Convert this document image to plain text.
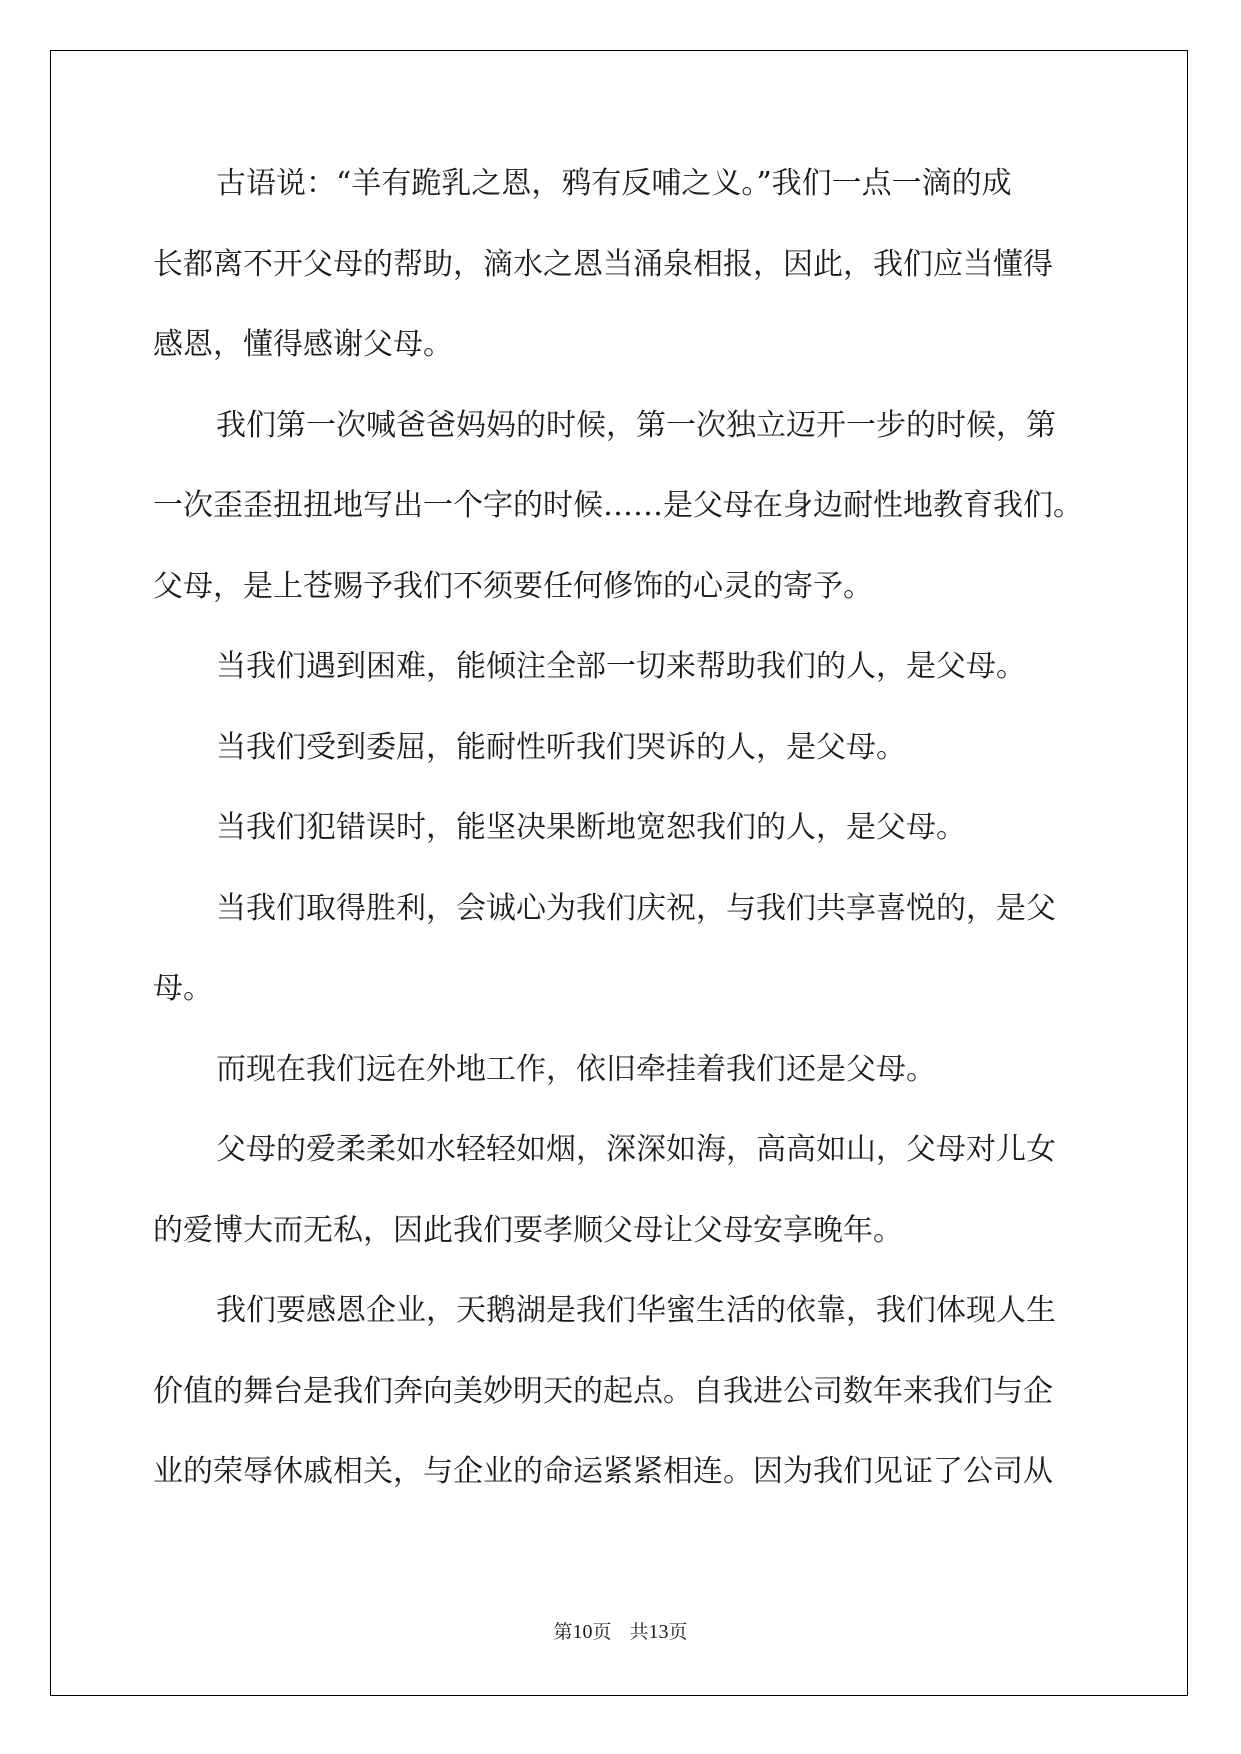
古语说：“羊有跪乳之恩，鸦有反哺之义。”我们一点一滴的成
长都离不开父母的帮助，滴水之恩当涌泉相报，因此，我们应当懂得
感恩，懂得感谢父母。
我们第一次喊爸爸妈妈的时候，第一次独立迈开一步的时候，第
一次歪歪扭扭地写出一个字的时候……是父母在身边耐性地教育我们。
父母，是上苍赐予我们不须要任何修饰的心灵的寄予。
当我们遇到困难，能倾注全部一切来帮助我们的人，是父母。
当我们受到委屈，能耐性听我们哭诉的人，是父母。
当我们犯错误时，能坚决果断地宽恕我们的人，是父母。
当我们取得胜利，会诚心为我们庆祝，与我们共享喜悦的，是父
母。
而现在我们远在外地工作，依旧牵挂着我们还是父母。
父母的爱柔柔如水轻轻如烟，深深如海，高高如山，父母对儿女
的爱博大而无私，因此我们要孝顺父母让父母安享晚年。
我们要感恩企业，天鹅湖是我们华蜜生活的依靠，我们体现人生
价值的舞台是我们奔向美妙明天的起点。自我进公司数年来我们与企
业的荣辱休戚相关，与企业的命运紧紧相连。因为我们见证了公司从
第10页 共13页
